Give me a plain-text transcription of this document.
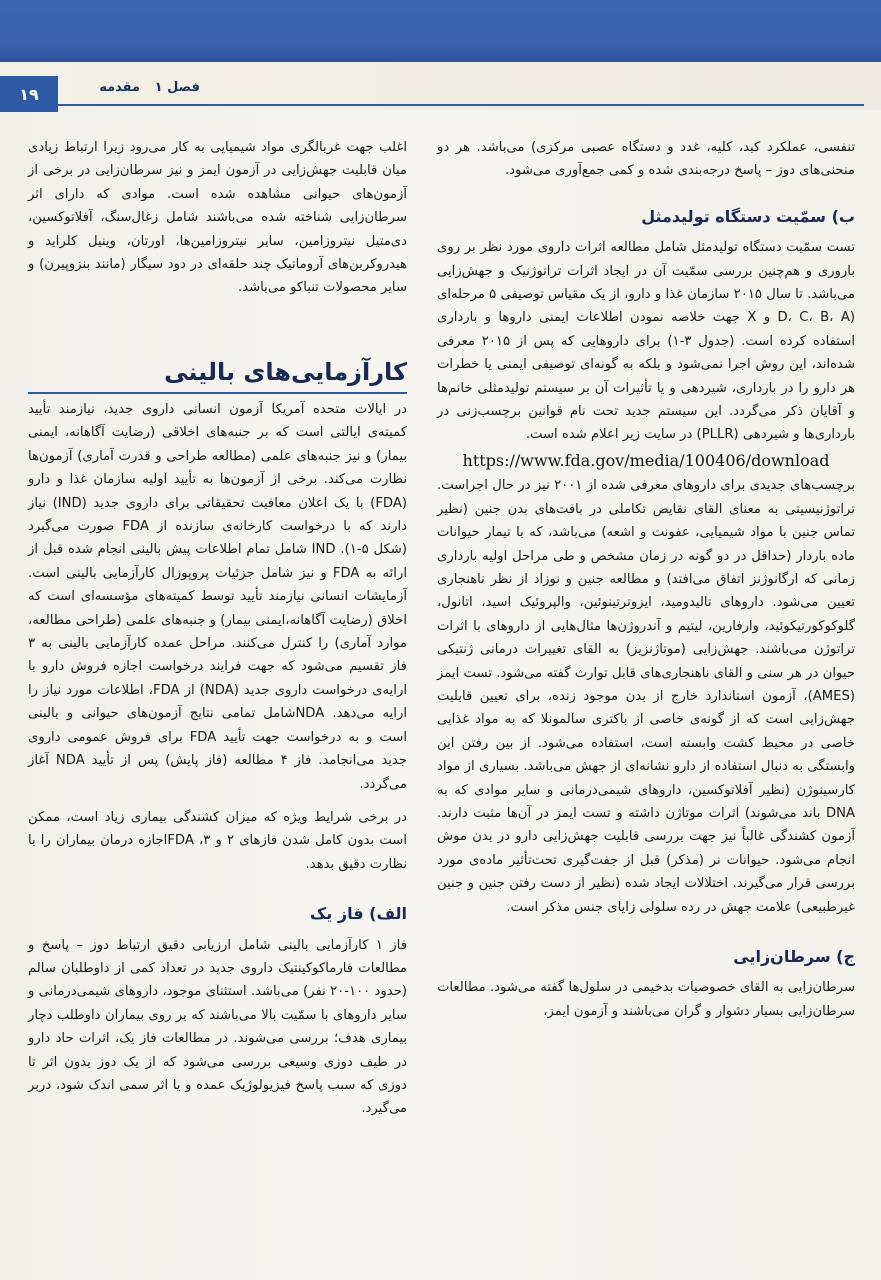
۱۹	فصل ۱ مقدمه

تنفسی، عملکرد کبد، کلیه، غدد و دستگاه عصبی مرکزی) می‌باشد. هر دو منحنی‌های دوز – پاسخ درجه‌بندی شده و کمی جمع‌آوری می‌شود.

ب) سمّیت دستگاه تولیدمثل

تست سمّیت دستگاه تولیدمثل شامل مطالعه اثرات داروی مورد نظر بر روی باروری و هم‌چنین بررسی سمّیت آن در ایجاد اثرات تراتوژنیک و جهش‌زایی می‌باشد. تا سال ۲۰۱۵ سازمان غذا و دارو، از یک مقیاس توصیفی ۵ مرحله‌ای (D، C، B، A و X جهت خلاصه نمودن اطلاعات ایمنی داروها و بارداری استفاده کرده است. (جدول ۳-۱) برای داروهایی که پس از ۲۰۱۵ معرفی شده‌اند، این روش اجرا نمی‌شود و بلکه به گونه‌ای توصیفی ایمنی یا خطرات هر دارو را در بارداری، شیردهی و یا تأثیرات آن بر سیستم تولیدمثلی خانم‌ها و آقایان ذکر می‌گردد. این سیستم جدید تحت نام قوانین برچسب‌زنی در بارداری‌ها و شیردهی (PLLR) در سایت زیر اعلام شده است.

https://www.fda.gov/media/100406/download

برچسب‌های جدیدی برای داروهای معرفی شده از ۲۰۰۱ نیز در حال اجراست. تراتوژنیسیتی به معنای القای نقایص تکاملی در بافت‌های بدن جنین (نظیر تماس جنین با مواد شیمیایی، عفونت و اشعه) می‌باشد، که با تیمار حیوانات ماده باردار (حداقل در دو گونه در زمان مشخص و طی مراحل اولیه بارداری زمانی که ارگانوژنز اتفاق می‌افتد) و مطالعه جنین و نوزاد از نظر ناهنجاری تعیین می‌شود. داروهای تالیدومید، ایزوترتینوئین، والپروئیک اسید، اتانول، گلوکوکورتیکوئید، وارفارین، لیتیم و آندروژن‌ها مثال‌هایی از داروهای با اثرات تراتوژن می‌باشند. جهش‌زایی (موتاژنزیز) به القای تغییرات درمانی ژنتیکی حیوان در هر سنی و القای ناهنجاری‌های قابل توارث گفته می‌شود. تست ایمز (AMES)، آزمون استاندارد خارج از بدن موجود زنده، برای تعیین قابلیت جهش‌زایی است که از گونه‌ی خاصی از باکتری سالمونلا که به مواد غذایی خاصی در محیط کشت وابسته است، استفاده می‌شود. از بین رفتن این وابستگی به دنبال استفاده از دارو نشانه‌ای از جهش می‌باشد. بسیاری از مواد کارسینوژن (نظیر آفلاتوکسین، داروهای شیمی‌درمانی و سایر موادی که به DNA باند می‌شوند) اثرات موتاژن داشته و تست ایمز در آن‌ها مثبت دارند. آزمون کشندگی غالباً نیز جهت بررسی قابلیت جهش‌زایی دارو در بدن موش انجام می‌شود. حیوانات نر (مذکر) قبل از جفت‌گیری تحت‌تأثیر ماده‌ی مورد بررسی قرار می‌گیرند. اختلالات ایجاد شده (نظیر از دست رفتن جنین و جنین غیرطبیعی) علامت جهش در رده سلولی زایای جنس مذکر است.

ج) سرطان‌زایی

سرطان‌زایی به القای خصوصیات بدخیمی در سلول‌ها گفته می‌شود. مطالعات سرطان‌زایی بسیار دشوار و گران می‌باشند و آزمون ایمز،

اغلب جهت غربالگری مواد شیمیایی به کار می‌رود زیرا ارتباط زیادی میان قابلیت جهش‌زایی در آزمون ایمز و نیز سرطان‌زایی در برخی از آزمون‌های حیوانی مشاهده شده است. موادی که دارای اثر سرطان‌زایی شناخته شده می‌باشند شامل زغال‌سنگ، آفلاتوکسین، دی‌متیل نیتروزامین، سایر نیتروزامین‌ها، اورتان، وینیل کلراید و هیدروکربن‌های آروماتیک چند حلقه‌ای در دود سیگار (مانند بنزوپیرن) و سایر محصولات تنباکو می‌باشد.

کارآزمایی‌های بالینی

در ایالات متحده آمریکا آزمون انسانی داروی جدید، نیازمند تأیید کمیته‌ی ایالتی است که بر جنبه‌های اخلاقی (رضایت آگاهانه، ایمنی بیمار) و نیز جنبه‌های علمی (مطالعه طراحی و قدرت آماری) آزمون‌ها نظارت می‌کند. برخی از آزمون‌ها به تأیید اولیه سازمان غذا و دارو (FDA) با یک اعلان معافیت تحقیقاتی برای داروی جدید (IND) نیاز دارند که با درخواست کارخانه‌ی سازنده از FDA صورت می‌گیرد (شکل ۵-۱). IND شامل تمام اطلاعات پیش بالینی انجام شده قبل از ارائه به FDA و نیز شامل جزئیات پروپوزال کارآزمایی بالینی است. آزمایشات انسانی نیازمند تأیید توسط کمیته‌های مؤسسه‌ای است که اخلاق (رضایت آگاهانه،ایمنی بیمار) و جنبه‌های علمی (طراحی مطالعه، موارد آماری) را کنترل می‌کنند. مراحل عمده کارآزمایی بالینی به ۳ فاز تقسیم می‌شود که جهت فرایند درخواست اجازه فروش دارو با ارایه‌ی درخواست داروی جدید (NDA) از FDA، اطلاعات مورد نیاز را ارایه می‌دهد. NDAشامل تمامی نتایج آزمون‌های حیوانی و بالینی است و به درخواست جهت تأیید FDA برای فروش عمومی داروی جدید می‌انجامد. فاز ۴ مطالعه (فاز پایش) پس از تأیید NDA آغاز می‌گردد.

در برخی شرایط ویژه که میزان کشندگی بیماری زیاد است، ممکن است بدون کامل شدن فازهای ۲ و ۳، FDAاجازه درمان بیماران را با نظارت دقیق بدهد.

الف) فاز یک

فاز ۱ کارآزمایی بالینی شامل ارزیابی دقیق ارتباط دوز – پاسخ و مطالعات فارماکوکینتیک داروی جدید در تعداد کمی از داوطلبان سالم (حدود ۱۰۰-۲۰ نفر) می‌باشد. استثنای موجود، داروهای شیمی‌درمانی و سایر داروهای با سمّیت بالا می‌باشند که بر روی بیماران داوطلب دچار بیماری هدف؛ بررسی می‌شوند. در مطالعات فاز یک، اثرات حاد دارو در طیف دوزی وسیعی بررسی می‌شود که از یک دوز بدون اثر تا دوزی که سبب پاسخ فیزیولوژیک عمده و یا اثر سمی اندک شود، دربر می‌گیرد.
